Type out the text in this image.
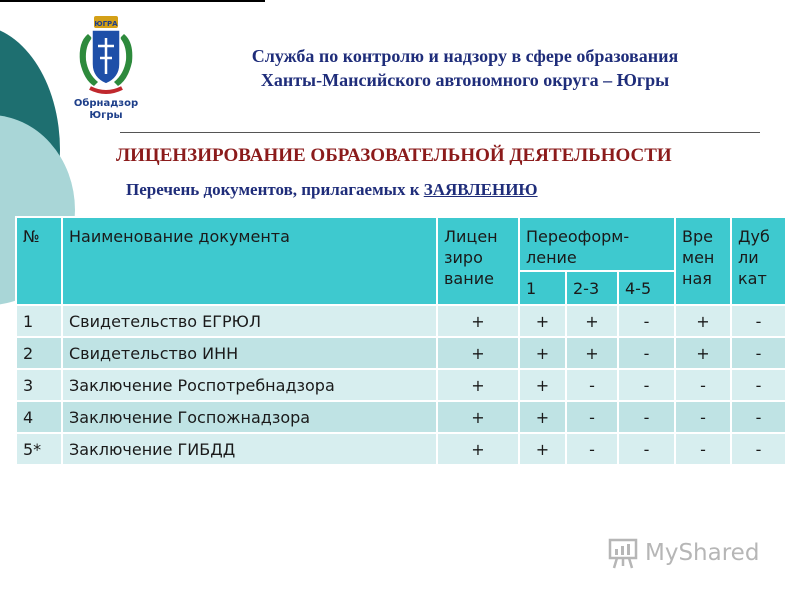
ЮГРА
Обрнадзор
Югры
Служба по контролю и надзору в сфере образования
Ханты-Мансийского автономного округа – Югры
ЛИЦЕНЗИРОВАНИЕ ОБРАЗОВАТЕЛЬНОЙ ДЕЯТЕЛЬНОСТИ
Перечень документов, прилагаемых к ЗАЯВЛЕНИЮ
№	Наименование документа	Лицен зиро вание	Переоформ-ление			Вре мен ная	Дуб ли кат
			1	2-3	4-5		
1	Свидетельство ЕГРЮЛ	+	+	+	-	+	-
2	Свидетельство ИНН	+	+	+	-	+	-
3	Заключение Роспотребнадзора	+	+	-	-	-	-
4	Заключение Госпожнадзора	+	+	-	-	-	-
5*	Заключение ГИБДД	+	+	-	-	-	-
MyShared
